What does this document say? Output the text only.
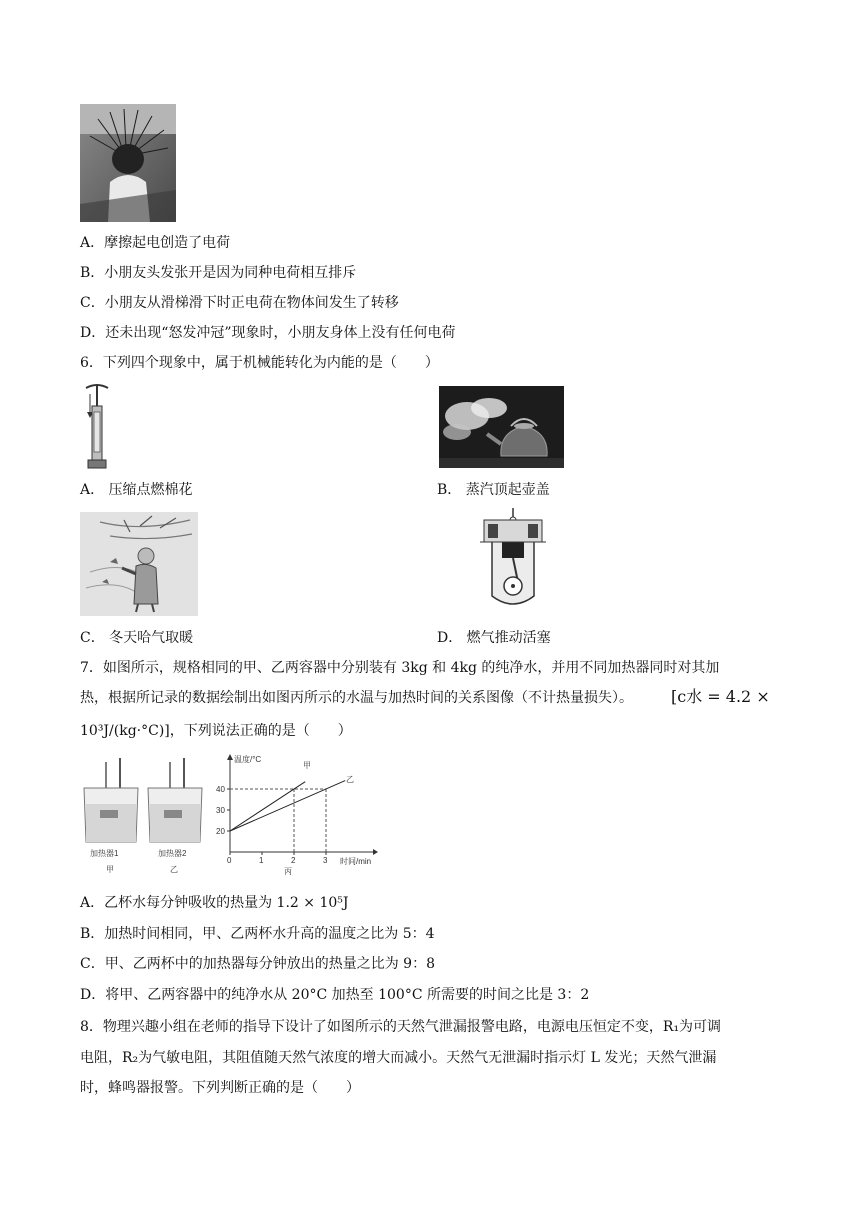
A．摩擦起电创造了电荷
B．小朋友头发张开是因为同种电荷相互排斥
C．小朋友从滑梯滑下时正电荷在物体间发生了转移
D．还未出现“怒发冲冠”现象时，小朋友身体上没有任何电荷
6．下列四个现象中，属于机械能转化为内能的是（　　）
A． 压缩点燃棉花	B． 蒸汽顶起壶盖
C． 冬天哈气取暖	D． 燃气推动活塞
7．如图所示，规格相同的甲、乙两容器中分别装有 3kg 和 4kg 的纯净水，并用不同加热器同时对其加
热，根据所记录的数据绘制出如图丙所示的水温与加热时间的关系图像（不计热量损失）。 [c水 = 4.2 ×
10³J/(kg·°C)]，下列说法正确的是（　　）
加热器1	加热器2
甲	乙
温度/°C
时间/min
丙
20
30
40
0	1	2	3
甲
乙
A．乙杯水每分钟吸收的热量为 1.2 × 10⁵J
B．加热时间相同，甲、乙两杯水升高的温度之比为 5：4
C．甲、乙两杯中的加热器每分钟放出的热量之比为 9：8
D．将甲、乙两容器中的纯净水从 20°C 加热至 100°C 所需要的时间之比是 3：2
8．物理兴趣小组在老师的指导下设计了如图所示的天然气泄漏报警电路，电源电压恒定不变，R₁为可调
电阻，R₂为气敏电阻，其阻值随天然气浓度的增大而减小。天然气无泄漏时指示灯 L 发光；天然气泄漏
时，蜂鸣器报警。下列判断正确的是（　　）
